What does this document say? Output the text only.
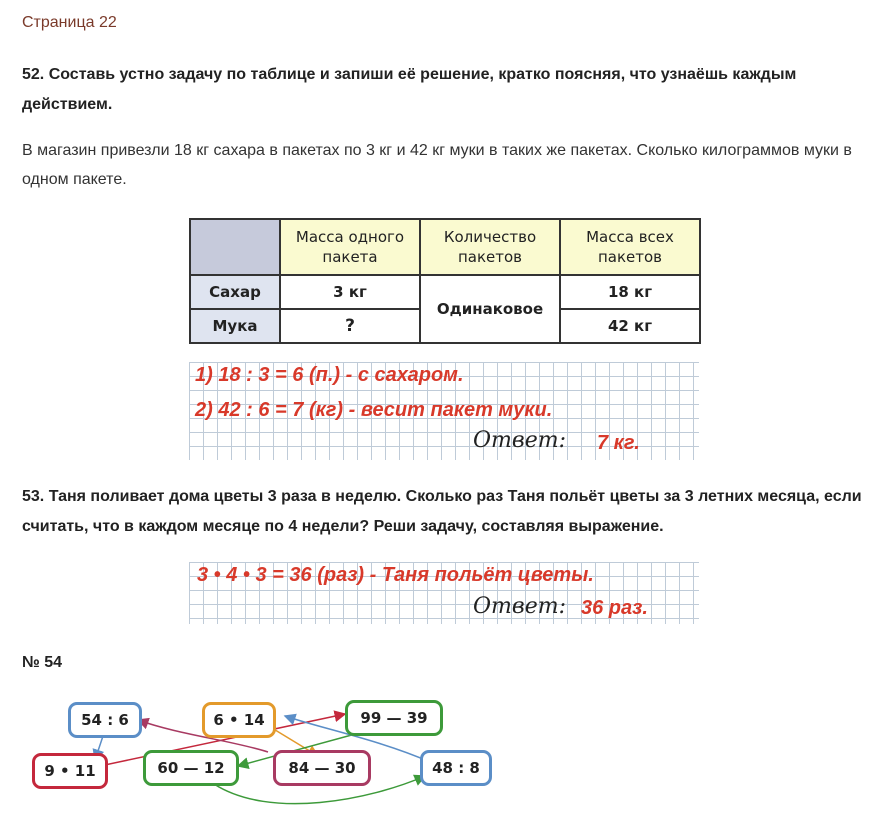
Страница 22
52. Составь устно задачу по таблице и запиши её решение, кратко поясняя, что узнаёшь каждым действием.
В магазин привезли 18 кг сахара в пакетах по 3 кг и 42 кг муки в таких же пакетах. Сколько килограммов муки в одном пакете.
	Масса одного пакета	Количество пакетов	Масса всех пакетов
Сахар	3 кг	Одинаковое	18 кг
Мука	?		42 кг
1) 18 : 3 = 6 (п.) - с сахаром.
2) 42 : 6 = 7 (кг) - весит пакет муки.
Ответ: 7 кг.
53. Таня поливает дома цветы 3 раза в неделю. Сколько раз Таня польёт цветы за 3 летних месяца, если считать, что в каждом месяце по 4 недели? Реши задачу, составляя выражение.
3 • 4 • 3 = 36 (раз) - Таня польёт цветы.
Ответ: 36 раз.
№ 54
54 : 6	6 • 14	99 — 39
9 • 11	60 — 12	84 — 30	48 : 8
